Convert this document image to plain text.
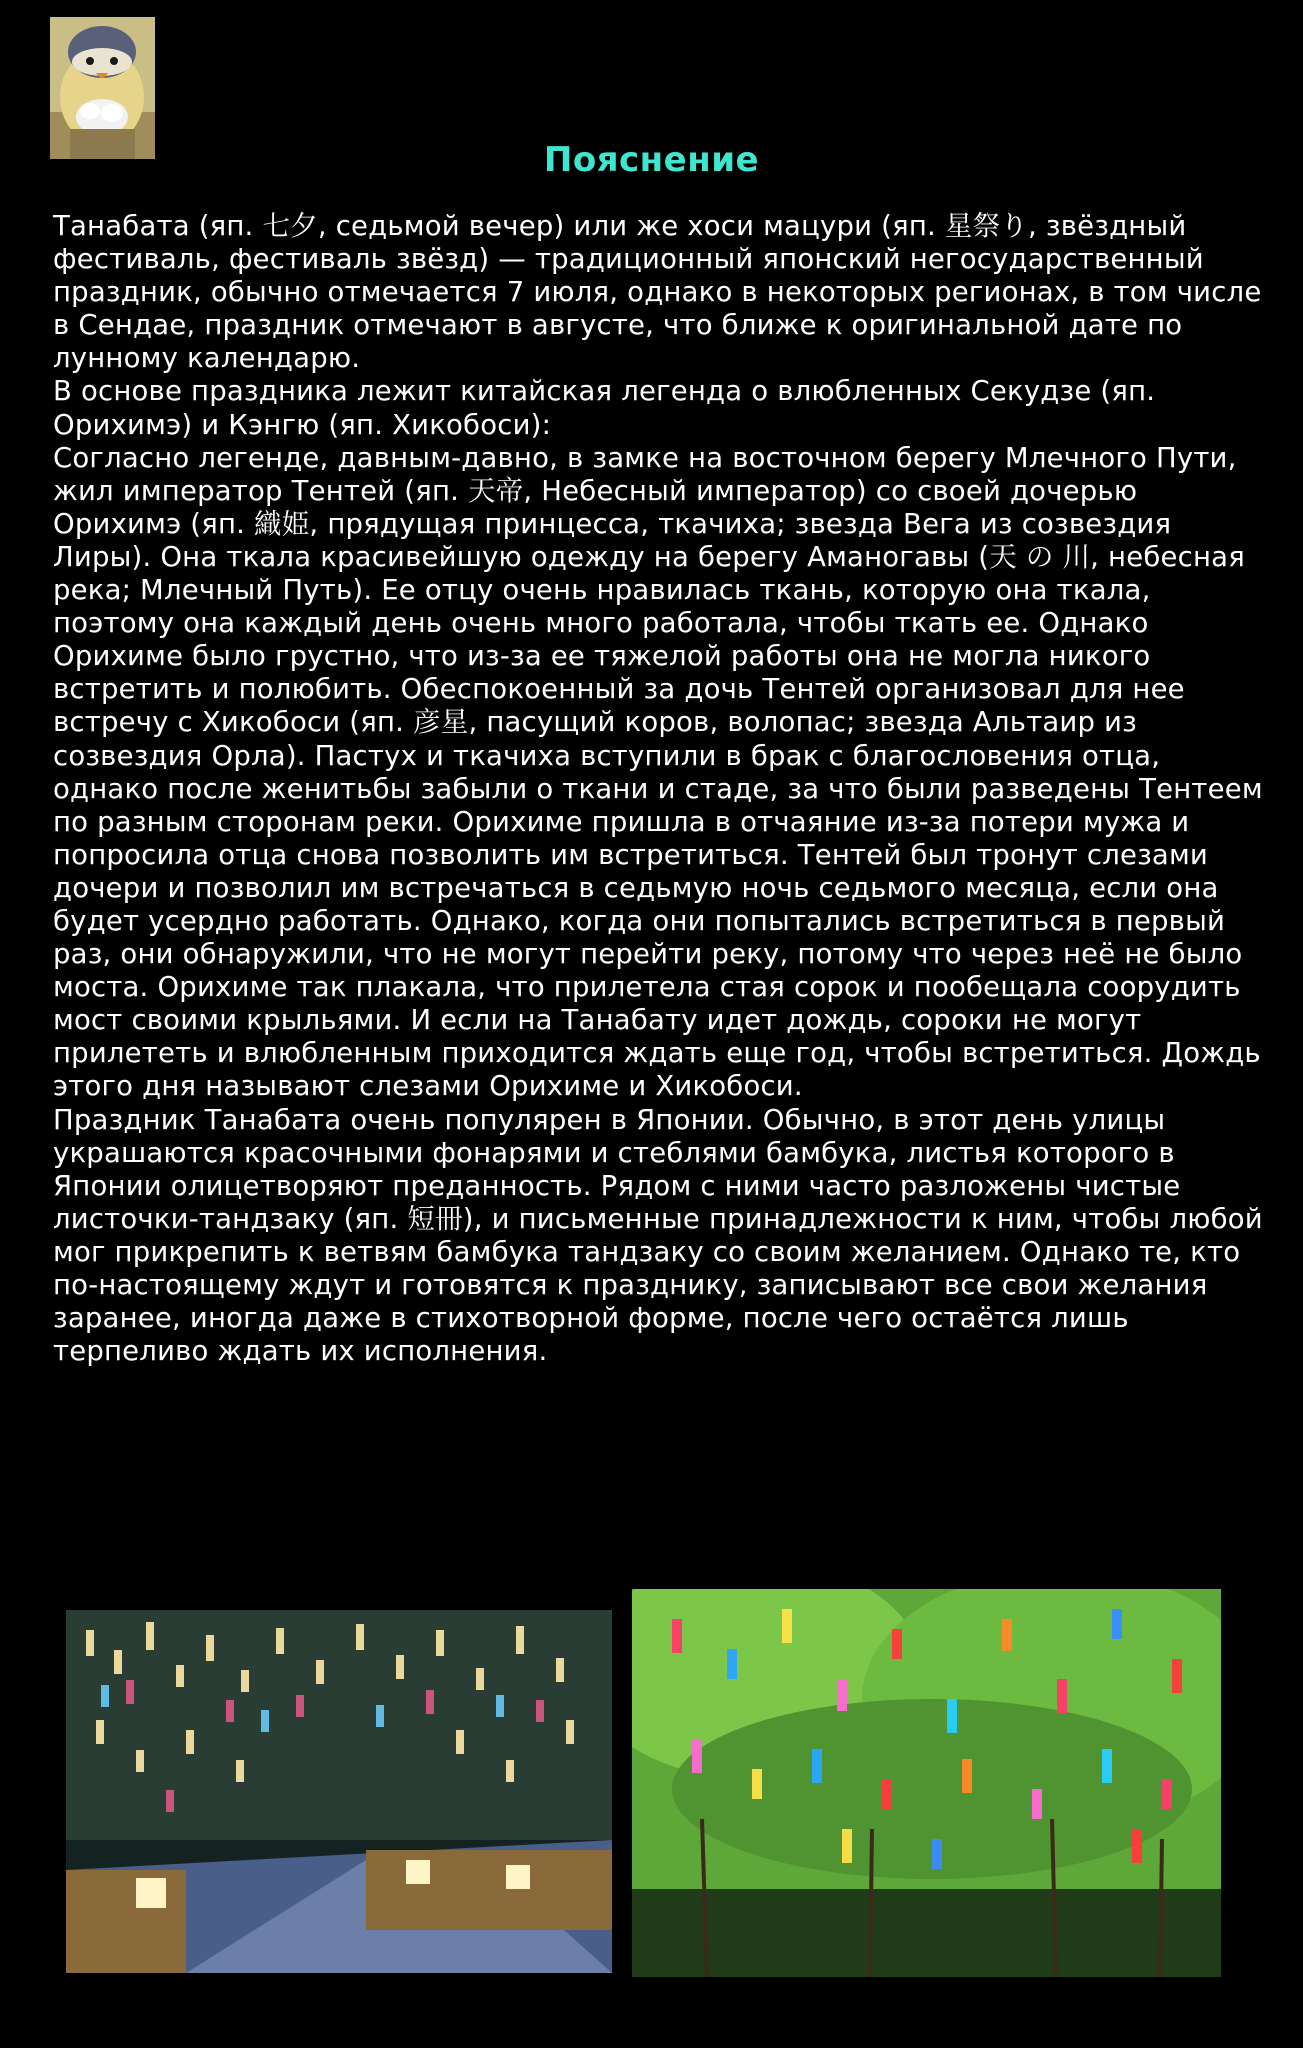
Пояснение

Танабата (яп. 七夕, седьмой вечер) или же хоси мацури (яп. 星祭り, звёздный фестиваль, фестиваль звёзд) — традиционный японский негосударственный праздник, обычно отмечается 7 июля, однако в некоторых регионах, в том числе в Сендае, праздник отмечают в августе, что ближе к оригинальной дате по лунному календарю.

В основе праздника лежит китайская легенда о влюбленных Секудзе (яп. Орихимэ) и Кэнгю (яп. Хикобоси):

Согласно легенде, давным-давно, в замке на восточном берегу Млечного Пути, жил император Тентей (яп. 天帝, Небесный император) со своей дочерью Орихимэ (яп. 織姫, прядущая принцесса, ткачиха; звезда Вега из созвездия Лиры). Она ткала красивейшую одежду на берегу Аманогавы (天 の 川, небесная река; Млечный Путь). Ее отцу очень нравилась ткань, которую она ткала, поэтому она каждый день очень много работала, чтобы ткать ее. Однако Орихиме было грустно, что из-за ее тяжелой работы она не могла никого встретить и полюбить. Обеспокоенный за дочь Тентей организовал для нее встречу с Хикобоси (яп. 彦星, пасущий коров, волопас; звезда Альтаир из созвездия Орла). Пастух и ткачиха вступили в брак с благословения отца, однако после женитьбы забыли о ткани и стаде, за что были разведены Тентеем по разным сторонам реки. Орихиме пришла в отчаяние из-за потери мужа и попросила отца снова позволить им встретиться. Тентей был тронут слезами дочери и позволил им встречаться в седьмую ночь седьмого месяца, если она будет усердно работать. Однако, когда они попытались встретиться в первый раз, они обнаружили, что не могут перейти реку, потому что через неё не было моста. Орихиме так плакала, что прилетела стая сорок и пообещала соорудить мост своими крыльями. И если на Танабату идет дождь, сороки не могут прилететь и влюбленным приходится ждать еще год, чтобы встретиться. Дождь этого дня называют слезами Орихиме и Хикобоси.

Праздник Танабата очень популярен в Японии. Обычно, в этот день улицы украшаются красочными фонарями и стеблями бамбука, листья которого в Японии олицетворяют преданность. Рядом с ними часто разложены чистые листочки-тандзаку (яп. 短冊), и письменные принадлежности к ним, чтобы любой мог прикрепить к ветвям бамбука тандзаку со своим желанием. Однако те, кто по-настоящему ждут и готовятся к празднику, записывают все свои желания заранее, иногда даже в стихотворной форме, после чего остаётся лишь терпеливо ждать их исполнения.
